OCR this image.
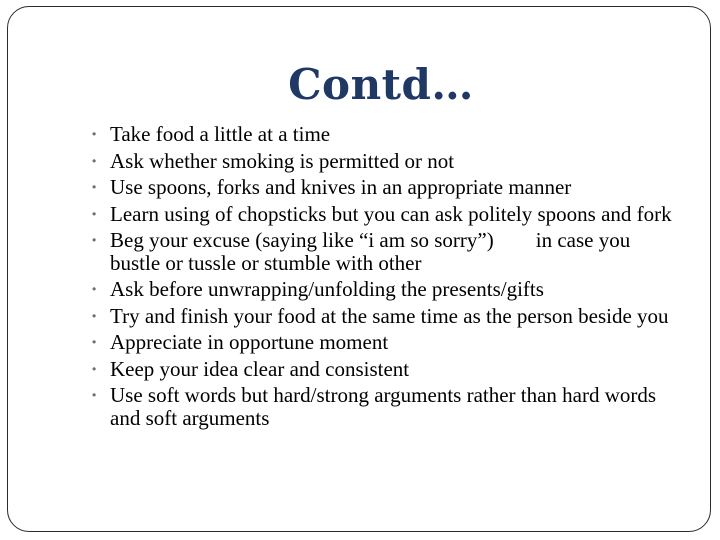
Contd…
• Take food a little at a time
• Ask whether smoking is permitted or not
• Use spoons, forks and knives in an appropriate manner
• Learn using of chopsticks but you can ask politely spoons and fork
• Beg your excuse (saying like “i am so sorry”) in case you bustle or tussle or stumble with other
• Ask before unwrapping/unfolding the presents/gifts
• Try and finish your food at the same time as the person beside you
• Appreciate in opportune moment
• Keep your idea clear and consistent
• Use soft words but hard/strong arguments rather than hard words and soft arguments
